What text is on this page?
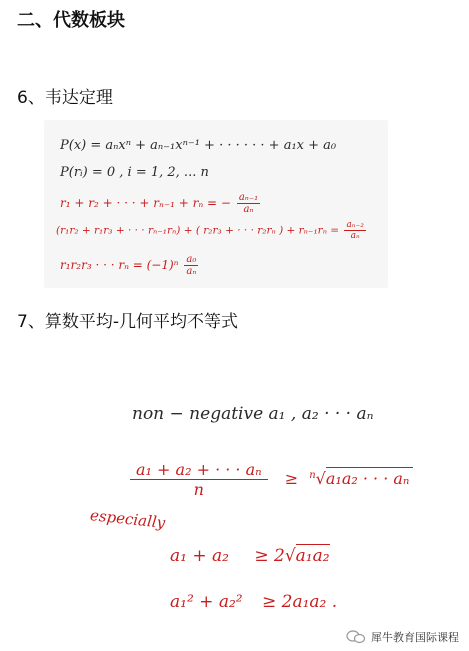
二、代数板块
6、韦达定理
P(x) = aₙxⁿ + aₙ₋₁xⁿ⁻¹ + · · · · · · + a₁x + a₀
P(rᵢ) = 0 , i = 1, 2, ... n
r₁ + r₂ + · · · + rₙ₋₁ + rₙ = − $\frac{\text{aₙ₋₁}}{\text{aₙ}}$
(r₁r₂ + r₁r₃ + · · · rₙ₋₁rₙ) + ( r₂r₃ + · · · r₂rₙ ) + $r_{n-1}r_n = \frac{\text{aₙ₋₂}}{\text{aₙ}}$
r₁r₂r₃ · · · $r_n = (-1)^n \frac{\text{a₀}}{\text{aₙ}}$
7、算数平均-几何平均不等式
non − negative a₁ , a₂ · · · aₙ
$\frac{\text{a₁ + a₂ + · · · aₙ}}{n} \ge ^n√a_1a_2$ · · · aₙ
especially
a₁ + a₂ ≥ 2√a₁a₂
a₁² + a₂² ≥ 2a₁a₂ .
犀牛教育国际课程
